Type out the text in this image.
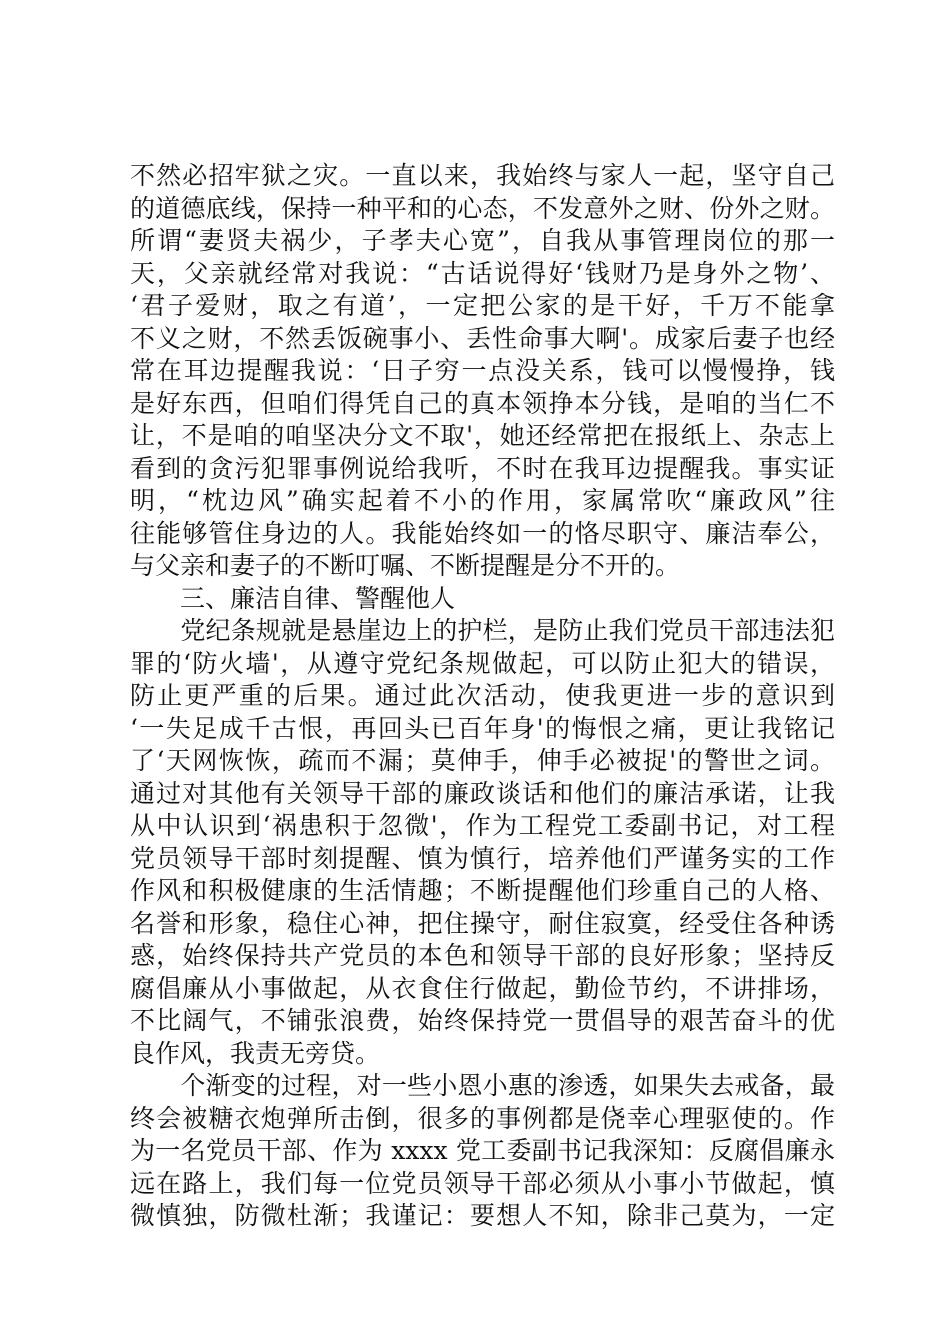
不然必招牢狱之灾。一直以来，我始终与家人一起，坚守自己
的道德底线，保持一种平和的心态，不发意外之财、份外之财。
所谓“妻贤夫祸少，子孝夫心宽”，自我从事管理岗位的那一
天，父亲就经常对我说：“古话说得好‘钱财乃是身外之物’、
‘君子爱财，取之有道’，一定把公家的是干好，千万不能拿
不义之财，不然丢饭碗事小、丢性命事大啊'。成家后妻子也经
常在耳边提醒我说：‘日子穷一点没关系，钱可以慢慢挣，钱
是好东西，但咱们得凭自己的真本领挣本分钱，是咱的当仁不
让，不是咱的咱坚决分文不取'，她还经常把在报纸上、杂志上
看到的贪污犯罪事例说给我听，不时在我耳边提醒我。事实证
明，“枕边风”确实起着不小的作用，家属常吹“廉政风”往
往能够管住身边的人。我能始终如一的恪尽职守、廉洁奉公，
与父亲和妻子的不断叮嘱、不断提醒是分不开的。
　　三、廉洁自律、警醒他人
　　党纪条规就是悬崖边上的护栏，是防止我们党员干部违法犯
罪的‘防火墙'，从遵守党纪条规做起，可以防止犯大的错误，
防止更严重的后果。通过此次活动，使我更进一步的意识到
‘一失足成千古恨，再回头已百年身'的悔恨之痛，更让我铭记
了‘天网恢恢，疏而不漏；莫伸手，伸手必被捉'的警世之词。
通过对其他有关领导干部的廉政谈话和他们的廉洁承诺，让我
从中认识到‘祸患积于忽微'，作为工程党工委副书记，对工程
党员领导干部时刻提醒、慎为慎行，培养他们严谨务实的工作
作风和积极健康的生活情趣；不断提醒他们珍重自己的人格、
名誉和形象，稳住心神，把住操守，耐住寂寞，经受住各种诱
惑，始终保持共产党员的本色和领导干部的良好形象；坚持反
腐倡廉从小事做起，从衣食住行做起，勤俭节约，不讲排场，
不比阔气，不铺张浪费，始终保持党一贯倡导的艰苦奋斗的优
良作风，我责无旁贷。
　　个渐变的过程，对一些小恩小惠的渗透，如果失去戒备，最
终会被糖衣炮弹所击倒，很多的事例都是侥幸心理驱使的。作
为一名党员干部、作为 xxxx 党工委副书记我深知：反腐倡廉永
远在路上，我们每一位党员领导干部必须从小事小节做起，慎
微慎独，防微杜渐；我谨记：要想人不知，除非己莫为，一定
